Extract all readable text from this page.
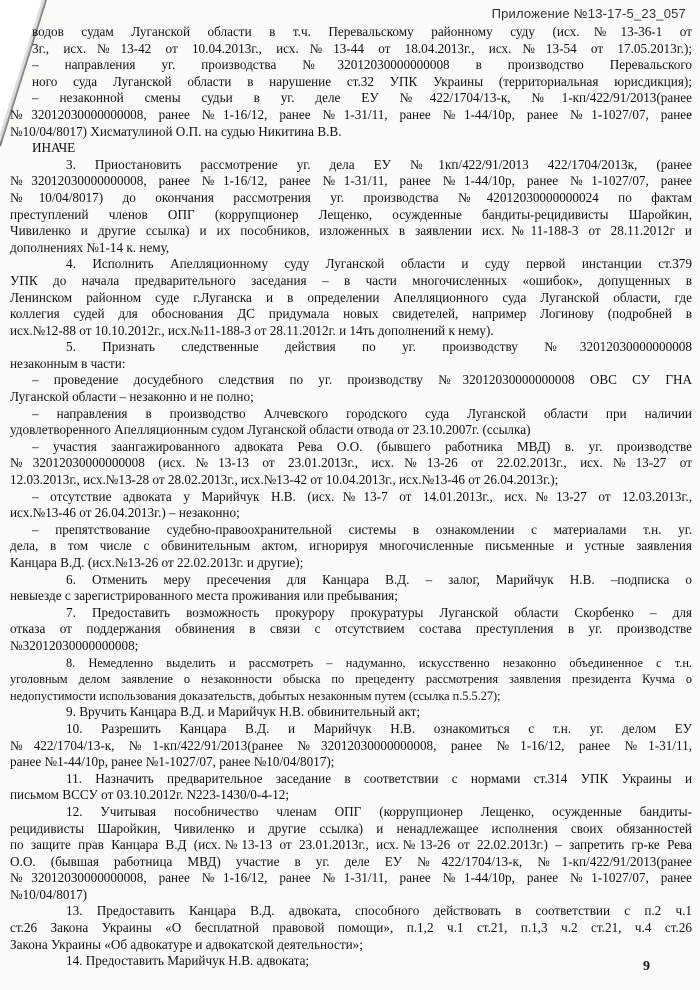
Приложение №13-17-5_23_057
водов судам Луганской области в т.ч. Перевальскому районному суду (исх.№13-36-1 от
3г., исх.№13-42 от 10.04.2013г., исх.№13-44 от 18.04.2013г., исх.№13-54 от 17.05.2013г.);
– направления уг. производства №32012030000000008 в производство Перевальского
ного суда Луганской области в нарушение ст.32 УПК Украины (территориальная юрисдикция);
– незаконной смены судьи в уг. деле ЕУ №422/1704/13-к, №1-кп/422/91/2013(ранее
№32012030000000008, ранее №1-16/12, ранее №1-31/11, ранее №1-44/10р, ранее №1-1027/07, ранее
№10/04/8017) Хисматулиной О.П. на судью Никитина В.В.
ИНАЧЕ
3. Приостановить рассмотрение уг. дела ЕУ №1кп/422/91/2013 422/1704/2013к, (ранее
№32012030000000008, ранее №1-16/12, ранее №1-31/11, ранее №1-44/10р, ранее №1-1027/07, ранее
№10/04/8017) до окончания рассмотрения уг. производства №42012030000000024 по фактам
преступлений членов ОПГ (коррупционер Лещенко, осужденные бандиты-рецидивисты Шаройкин,
Чивиленко и другие ссылка) и их пособников, изложенных в заявлении исх.№11-188-3 от 28.11.2012г и
дополнениях №1-14 к. нему,
4. Исполнить Апелляционному суду Луганской области и суду первой инстанции ст.379
УПК до начала предварительного заседания – в части многочисленных «ошибок», допущенных в
Ленинском районном суде г.Луганска и в определении Апелляционного суда Луганской области, где
коллегия судей для обоснования ДС придумала новых свидетелей, например Логинову (подробней в
исх.№12-88 от 10.10.2012г., исх.№11-188-3 от 28.11.2012г. и 14ть дополнений к нему).
5. Признать следственные действия по уг. производству №32012030000000008
незаконным в части:
– проведение досудебного следствия по уг. производству №32012030000000008 ОВС СУ ГНА
Луганской области – незаконно и не полно;
– направления в производство Алчевского городского суда Луганской области при наличии
удовлетворенного Апелляционным судом Луганской области отвода от 23.10.2007г. (ссылка)
– участия заангажированного адвоката Рева О.О. (бывшего работника МВД) в. уг. производстве
№32012030000000008 (исх.№13-13 от 23.01.2013г., исх.№13-26 от 22.02.2013г., исх.№13-27 от
12.03.2013г., исх.№13-28 от 28.02.2013г., исх.№13-42 от 10.04.2013г., исх.№13-46 от 26.04.2013г.);
– отсутствие адвоката у Марийчук Н.В. (исх.№13-7 от 14.01.2013г., исх.№13-27 от 12.03.2013г.,
исх.№13-46 от 26.04.2013г.) – незаконно;
– препятствование судебно-правоохранительной системы в ознакомлении с материалами т.н. уг.
дела, в том числе с обвинительным актом, игнорируя многочисленные письменные и устные заявления
Канцара В.Д. (исх.№13-26 от 22.02.2013г. и другие);
6. Отменить меру пресечения для Канцара В.Д. – залог, Марийчук Н.В. –подписка о
невыезде с зарегистрированного места проживания или пребывания;
7. Предоставить возможность прокурору прокуратуры Луганской области Скорбенко – для
отказа от поддержания обвинения в связи с отсутствием состава преступления в уг. производстве
№32012030000000008;
8. Немедленно выделить и рассмотреть – надуманно, искусственно незаконно объединенное с т.н.
уголовным делом заявление о незаконности обыска по прецеденту рассмотрения заявления президента Кучма о
недопустимости использования доказательств, добытых незаконным путем (ссылка п.5.5.27);
9. Вручить Канцара В.Д. и Марийчук Н.В. обвинительный акт;
10. Разрешить Канцара В.Д. и Марийчук Н.В. ознакомиться с т.н. уг. делом ЕУ
№422/1704/13-к, №1-кп/422/91/2013(ранее №32012030000000008, ранее №1-16/12, ранее №1-31/11,
ранее №1-44/10р, ранее №1-1027/07, ранее №10/04/8017);
11. Назначить предварительное заседание в соответствии с нормами ст.314 УПК Украины и
письмом ВССУ от 03.10.2012г. N223-1430/0-4-12;
12. Учитывая пособничество членам ОПГ (коррупционер Лещенко, осужденные бандиты-
рецидивисты Шаройкин, Чивиленко и другие ссылка) и ненадлежащее исполнения своих обязанностей
по защите прав Канцара В.Д (исх.№13-13 от 23.01.2013г., исх.№13-26 от 22.02.2013г.) – запретить гр-ке Рева
О.О. (бывшая работница МВД) участие в уг. деле ЕУ №422/1704/13-к, №1-кп/422/91/2013(ранее
№32012030000000008, ранее №1-16/12, ранее №1-31/11, ранее №1-44/10р, ранее №1-1027/07, ранее
№10/04/8017)
13. Предоставить Канцара В.Д. адвоката, способного действовать в соответствии с п.2 ч.1
ст.26 Закона Украины «О бесплатной правовой помощи», п.1,2 ч.1 ст.21, п.1,3 ч.2 ст.21, ч.4 ст.26
Закона Украины «Об адвокатуре и адвокатской деятельности»;
14. Предоставить Марийчук Н.В. адвоката;	9
